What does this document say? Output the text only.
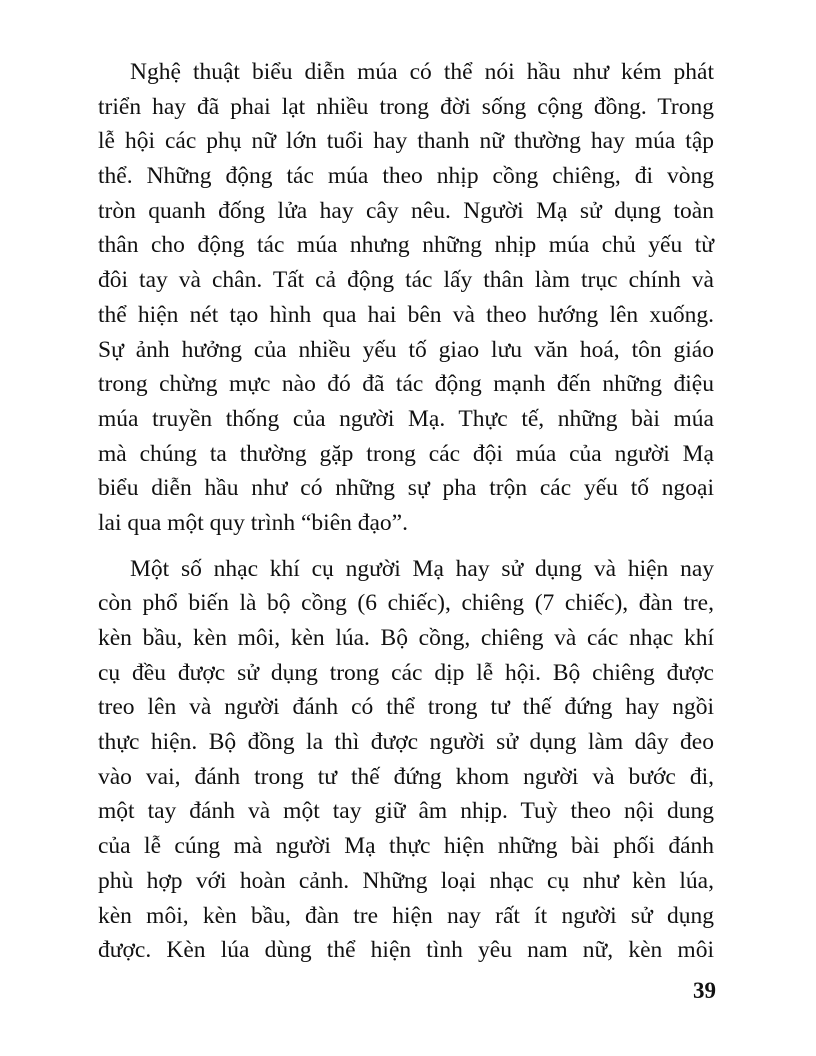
Nghệ thuật biểu diễn múa có thể nói hầu như kém phát
triển hay đã phai lạt nhiều trong đời sống cộng đồng. Trong
lễ hội các phụ nữ lớn tuổi hay thanh nữ thường hay múa tập
thể. Những động tác múa theo nhịp cồng chiêng, đi vòng
tròn quanh đống lửa hay cây nêu. Người Mạ sử dụng toàn
thân cho động tác múa nhưng những nhịp múa chủ yếu từ
đôi tay và chân. Tất cả động tác lấy thân làm trục chính và
thể hiện nét tạo hình qua hai bên và theo hướng lên xuống.
Sự ảnh hưởng của nhiều yếu tố giao lưu văn hoá, tôn giáo
trong chừng mực nào đó đã tác động mạnh đến những điệu
múa truyền thống của người Mạ. Thực tế, những bài múa
mà chúng ta thường gặp trong các đội múa của người Mạ
biểu diễn hầu như có những sự pha trộn các yếu tố ngoại
lai qua một quy trình “biên đạo”.

Một số nhạc khí cụ người Mạ hay sử dụng và hiện nay
còn phổ biến là bộ cồng (6 chiếc), chiêng (7 chiếc), đàn tre,
kèn bầu, kèn môi, kèn lúa. Bộ cồng, chiêng và các nhạc khí
cụ đều được sử dụng trong các dịp lễ hội. Bộ chiêng được
treo lên và người đánh có thể trong tư thế đứng hay ngồi
thực hiện. Bộ đồng la thì được người sử dụng làm dây đeo
vào vai, đánh trong tư thế đứng khom người và bước đi,
một tay đánh và một tay giữ âm nhịp. Tuỳ theo nội dung
của lễ cúng mà người Mạ thực hiện những bài phối đánh
phù hợp với hoàn cảnh. Những loại nhạc cụ như kèn lúa,
kèn môi, kèn bầu, đàn tre hiện nay rất ít người sử dụng
được. Kèn lúa dùng thể hiện tình yêu nam nữ, kèn môi

39
